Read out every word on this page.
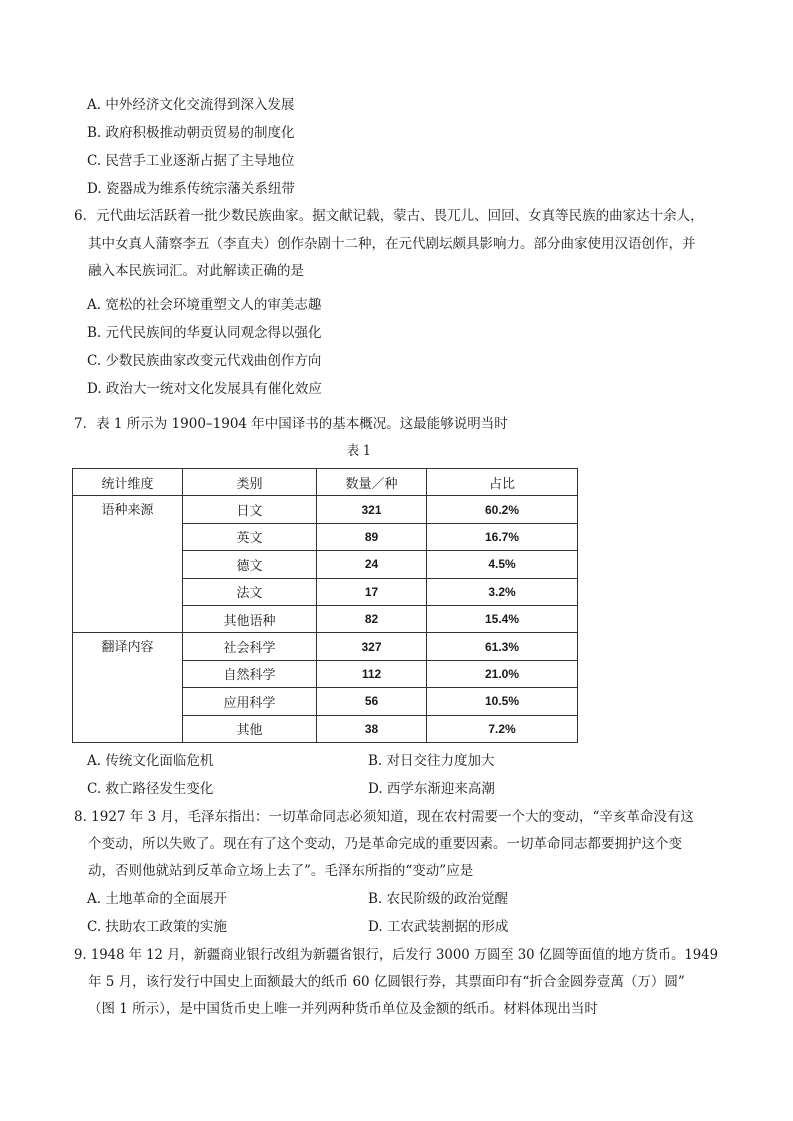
A. 中外经济文化交流得到深入发展
B. 政府积极推动朝贡贸易的制度化
C. 民营手工业逐渐占据了主导地位
D. 瓷器成为维系传统宗藩关系纽带
6．元代曲坛活跃着一批少数民族曲家。据文献记载，蒙古、畏兀儿、回回、女真等民族的曲家达十余人，
其中女真人蒲察李五（李直夫）创作杂剧十二种，在元代剧坛颇具影响力。部分曲家使用汉语创作，并
融入本民族词汇。对此解读正确的是
A. 宽松的社会环境重塑文人的审美志趣
B. 元代民族间的华夏认同观念得以强化
C. 少数民族曲家改变元代戏曲创作方向
D. 政治大一统对文化发展具有催化效应
7．表 1 所示为 1900–1904 年中国译书的基本概况。这最能够说明当时
表 1
统计维度	类别	数量／种	占比
语种来源	日文	321	60.2%
	英文	89	16.7%
	德文	24	4.5%
	法文	17	3.2%
	其他语种	82	15.4%
翻译内容	社会科学	327	61.3%
	自然科学	112	21.0%
	应用科学	56	10.5%
	其他	38	7.2%
A. 传统文化面临危机	B. 对日交往力度加大
C. 救亡路径发生变化	D. 西学东渐迎来高潮
8. 1927 年 3 月，毛泽东指出：一切革命同志必须知道，现在农村需要一个大的变动，“辛亥革命没有这
个变动，所以失败了。现在有了这个变动，乃是革命完成的重要因素。一切革命同志都要拥护这个变
动，否则他就站到反革命立场上去了”。毛泽东所指的“变动”应是
A. 土地革命的全面展开	B. 农民阶级的政治觉醒
C. 扶助农工政策的实施	D. 工农武装割据的形成
9. 1948 年 12 月，新疆商业银行改组为新疆省银行，后发行 3000 万圆至 30 亿圆等面值的地方货币。1949
年 5 月，该行发行中国史上面额最大的纸币 60 亿圆银行券，其票面印有“折合金圆券壹萬（万）圆”
（图 1 所示），是中国货币史上唯一并列两种货币单位及金额的纸币。材料体现出当时
